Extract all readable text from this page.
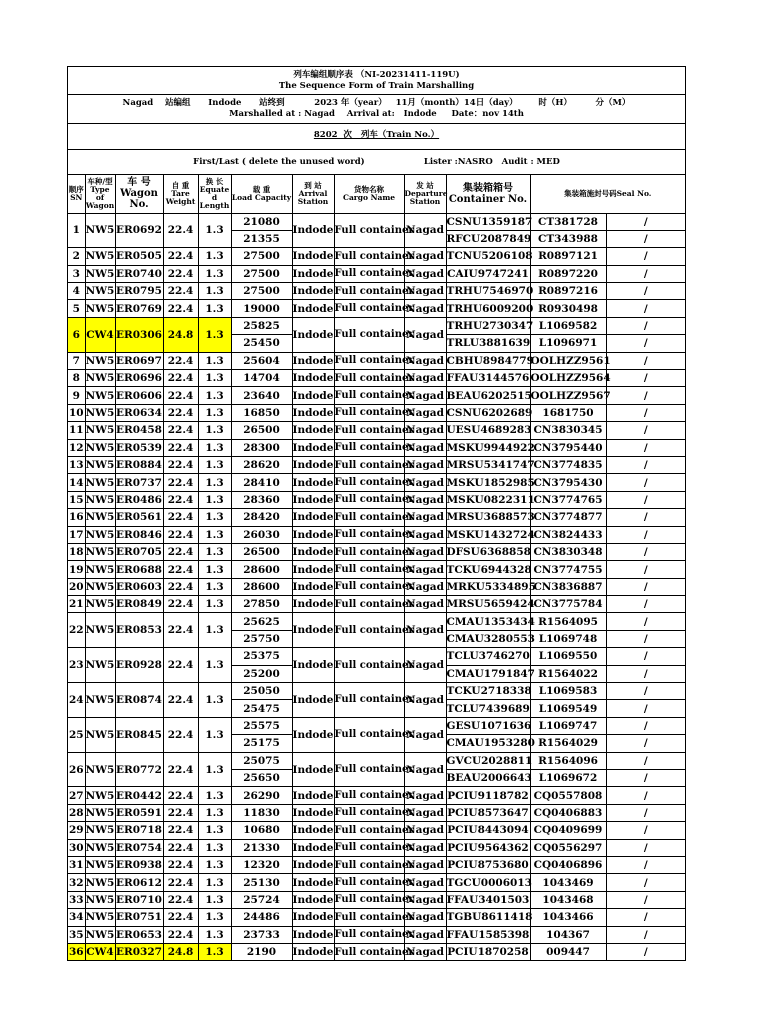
列车编组顺序表 （NI-20231411-119U)
The Sequence Form of Train Marshalling
Nagad    站编组      Indode      站终到          2023 年（year）   11月（month）14日（day）       时（H）        分（M）
Marshalled at : Nagad    Arrival at:   Indode     Date：nov 14th
8202  次   列车（Train No.）
First/Last ( delete the unused word)                    Lister :NASRO   Audit : MED
顺序
SN	车种/型
Type of
Wagon	车 号
Wagon
No.	自 重
Tare
Weight	换 长
Equate
d
Length	载 重
Load Capacity	到 站
Arrival
Station	货物名称
Cargo Name	发 站
Departure
Station	集装箱箱号
Container No.	集装箱施封号码Seal No.	
1	NW5	ER0692	22.4	1.3	21080	Indode	Full container	Nagad	CSNU1359187	CT381728	/
					21355				RFCU2087849	CT343988	/
2	NW5	ER0505	22.4	1.3	27500	Indode	Full container	Nagad	TCNU5206108	R0897121	/
3	NW5	ER0740	22.4	1.3	27500	Indode	Full container	Nagad	CAIU9747241	R0897220	/
4	NW5	ER0795	22.4	1.3	27500	Indode	Full container	Nagad	TRHU7546970	R0897216	/
5	NW5	ER0769	22.4	1.3	19000	Indode	Full container	Nagad	TRHU6009200	R0930498	/
6	CW4	ER0306	24.8	1.3	25825	Indode	Full container	Nagad	TRHU2730347	L1069582	/
					25450				TRLU3881639	L1096971	/
7	NW5	ER0697	22.4	1.3	25604	Indode	Full container	Nagad	CBHU8984779	OOLHZZ9561	/
8	NW5	ER0696	22.4	1.3	14704	Indode	Full container	Nagad	FFAU3144576	OOLHZZ9564	/
9	NW5	ER0606	22.4	1.3	23640	Indode	Full container	Nagad	BEAU6202515	OOLHZZ9567	/
10	NW5	ER0634	22.4	1.3	16850	Indode	Full container	Nagad	CSNU6202689	1681750	/
11	NW5	ER0458	22.4	1.3	26500	Indode	Full container	Nagad	UESU4689283	CN3830345	/
12	NW5	ER0539	22.4	1.3	28300	Indode	Full container	Nagad	MSKU9944922	CN3795440	/
13	NW5	ER0884	22.4	1.3	28620	Indode	Full container	Nagad	MRSU5341747	CN3774835	/
14	NW5	ER0737	22.4	1.3	28410	Indode	Full container	Nagad	MSKU1852985	CN3795430	/
15	NW5	ER0486	22.4	1.3	28360	Indode	Full container	Nagad	MSKU0822311	CN3774765	/
16	NW5	ER0561	22.4	1.3	28420	Indode	Full container	Nagad	MRSU3688573	CN3774877	/
17	NW5	ER0846	22.4	1.3	26030	Indode	Full container	Nagad	MSKU1432724	CN3824433	/
18	NW5	ER0705	22.4	1.3	26500	Indode	Full container	Nagad	DFSU6368858	CN3830348	/
19	NW5	ER0688	22.4	1.3	28600	Indode	Full container	Nagad	TCKU6944328	CN3774755	/
20	NW5	ER0603	22.4	1.3	28600	Indode	Full container	Nagad	MRKU5334895	CN3836887	/
21	NW5	ER0849	22.4	1.3	27850	Indode	Full container	Nagad	MRSU5659424	CN3775784	/
22	NW5	ER0853	22.4	1.3	25625	Indode	Full container	Nagad	CMAU1353434	R1564095	/
					25750				CMAU3280553	L1069748	/
23	NW5	ER0928	22.4	1.3	25375	Indode	Full container	Nagad	TCLU3746270	L1069550	/
					25200				CMAU1791847	R1564022	/
24	NW5	ER0874	22.4	1.3	25050	Indode	Full container	Nagad	TCKU2718338	L1069583	/
					25475				TCLU7439689	L1069549	/
25	NW5	ER0845	22.4	1.3	25575	Indode	Full container	Nagad	GESU1071636	L1069747	/
					25175				CMAU1953280	R1564029	/
26	NW5	ER0772	22.4	1.3	25075	Indode	Full container	Nagad	GVCU2028811	R1564096	/
					25650				BEAU2006643	L1069672	/
27	NW5	ER0442	22.4	1.3	26290	Indode	Full container	Nagad	PCIU9118782	CQ0557808	/
28	NW5	ER0591	22.4	1.3	11830	Indode	Full container	Nagad	PCIU8573647	CQ0406883	/
29	NW5	ER0718	22.4	1.3	10680	Indode	Full container	Nagad	PCIU8443094	CQ0409699	/
30	NW5	ER0754	22.4	1.3	21330	Indode	Full container	Nagad	PCIU9564362	CQ0556297	/
31	NW5	ER0938	22.4	1.3	12320	Indode	Full container	Nagad	PCIU8753680	CQ0406896	/
32	NW5	ER0612	22.4	1.3	25130	Indode	Full container	Nagad	TGCU0006013	1043469	/
33	NW5	ER0710	22.4	1.3	25724	Indode	Full container	Nagad	FFAU3401503	1043468	/
34	NW5	ER0751	22.4	1.3	24486	Indode	Full container	Nagad	TGBU8611418	1043466	/
35	NW5	ER0653	22.4	1.3	23733	Indode	Full container	Nagad	FFAU1585398	104367	/
36	CW4	ER0327	24.8	1.3	2190	Indode	Full container	Nagad	PCIU1870258	009447	/
